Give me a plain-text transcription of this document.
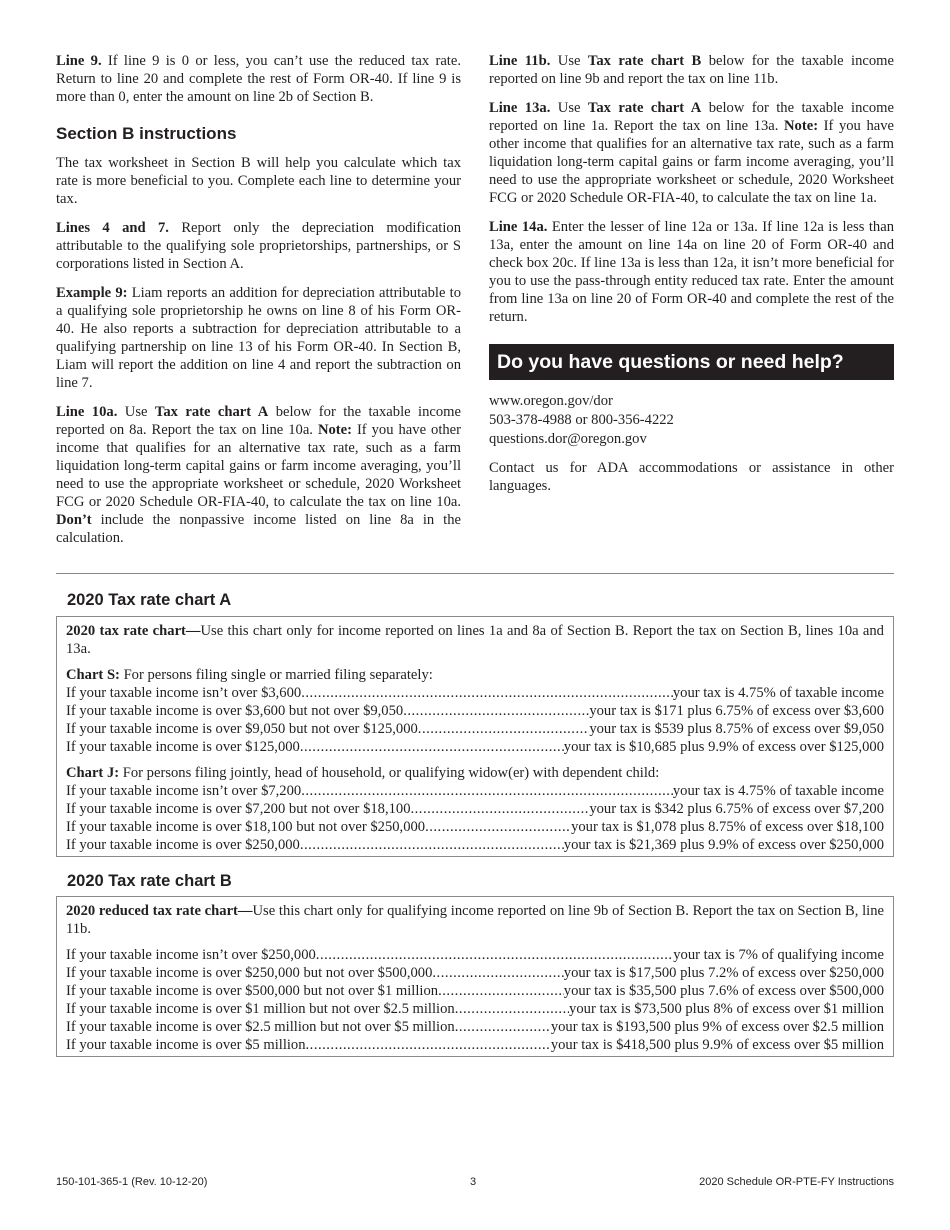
Line 9. If line 9 is 0 or less, you can’t use the reduced tax rate. Return to line 20 and complete the rest of Form OR-40. If line 9 is more than 0, enter the amount on line 2b of Section B.

Section B instructions

The tax worksheet in Section B will help you calculate which tax rate is more beneficial to you. Complete each line to determine your tax.

Lines 4 and 7. Report only the depreciation modification attributable to the qualifying sole proprietorships, partnerships, or S corporations listed in Section A.

Example 9: Liam reports an addition for depreciation attributable to a qualifying sole proprietorship he owns on line 8 of his Form OR-40. He also reports a subtraction for depreciation attributable to a qualifying partnership on line 13 of his Form OR-40. In Section B, Liam will report the addition on line 4 and report the subtraction on line 7.

Line 10a. Use Tax rate chart A below for the taxable income reported on 8a. Report the tax on line 10a. Note: If you have other income that qualifies for an alternative tax rate, such as a farm liquidation long-term capital gains or farm income averaging, you’ll need to use the appropriate worksheet or schedule, 2020 Worksheet FCG or 2020 Schedule OR-FIA-40, to calculate the tax on line 10a. Don’t include the nonpassive income listed on line 8a in the calculation.

Line 11b. Use Tax rate chart B below for the taxable income reported on line 9b and report the tax on line 11b.

Line 13a. Use Tax rate chart A below for the taxable income reported on line 1a. Report the tax on line 13a. Note: If you have other income that qualifies for an alternative tax rate, such as a farm liquidation long-term capital gains or farm income averaging, you’ll need to use the appropriate worksheet or schedule, 2020 Worksheet FCG or 2020 Schedule OR-FIA-40, to calculate the tax on line 1a.

Line 14a. Enter the lesser of line 12a or 13a. If line 12a is less than 13a, enter the amount on line 14a on line 20 of Form OR-40 and check box 20c. If line 13a is less than 12a, it isn’t more beneficial for you to use the pass-through entity reduced tax rate. Enter the amount from line 13a on line 20 of Form OR-40 and complete the rest of the return.

Do you have questions or need help?
www.oregon.gov/dor
503-378-4988 or 800-356-4222
questions.dor@oregon.gov

Contact us for ADA accommodations or assistance in other languages.

2020 Tax rate chart A

2020 tax rate chart—Use this chart only for income reported on lines 1a and 8a of Section B. Report the tax on Section B, lines 10a and 13a.

Chart S: For persons filing single or married filing separately:
If your taxable income isn’t over $3,600 .....	your tax is 4.75% of taxable income
If your taxable income is over $3,600 but not over $9,050 .....	your tax is $171 plus 6.75% of excess over $3,600
If your taxable income is over $9,050 but not over $125,000 .....	your tax is $539 plus 8.75% of excess over $9,050
If your taxable income is over $125,000 .....	your tax is $10,685 plus 9.9% of excess over $125,000
Chart J: For persons filing jointly, head of household, or qualifying widow(er) with dependent child:
If your taxable income isn’t over $7,200 .....	your tax is 4.75% of taxable income
If your taxable income is over $7,200 but not over $18,100 .....	your tax is $342 plus 6.75% of excess over $7,200
If your taxable income is over $18,100 but not over $250,000 .....	your tax is $1,078 plus 8.75% of excess over $18,100
If your taxable income is over $250,000 .....	your tax is $21,369 plus 9.9% of excess over $250,000
2020 Tax rate chart B

2020 reduced tax rate chart—Use this chart only for qualifying income reported on line 9b of Section B. Report the tax on Section B, line 11b.

If your taxable income isn’t over $250,000 .....	your tax is 7% of qualifying income
If your taxable income is over $250,000 but not over $500,000 .....	your tax is $17,500 plus 7.2% of excess over $250,000
If your taxable income is over $500,000 but not over $1 million .....	your tax is $35,500 plus 7.6% of excess over $500,000
If your taxable income is over $1 million but not over $2.5 million .....	your tax is $73,500 plus 8% of excess over $1 million
If your taxable income is over $2.5 million but not over $5 million .....	your tax is $193,500 plus 9% of excess over $2.5 million
If your taxable income is over $5 million .....	your tax is $418,500 plus 9.9% of excess over $5 million
150-101-365-1 (Rev. 10-12-20)	3	2020 Schedule OR-PTE-FY Instructions
